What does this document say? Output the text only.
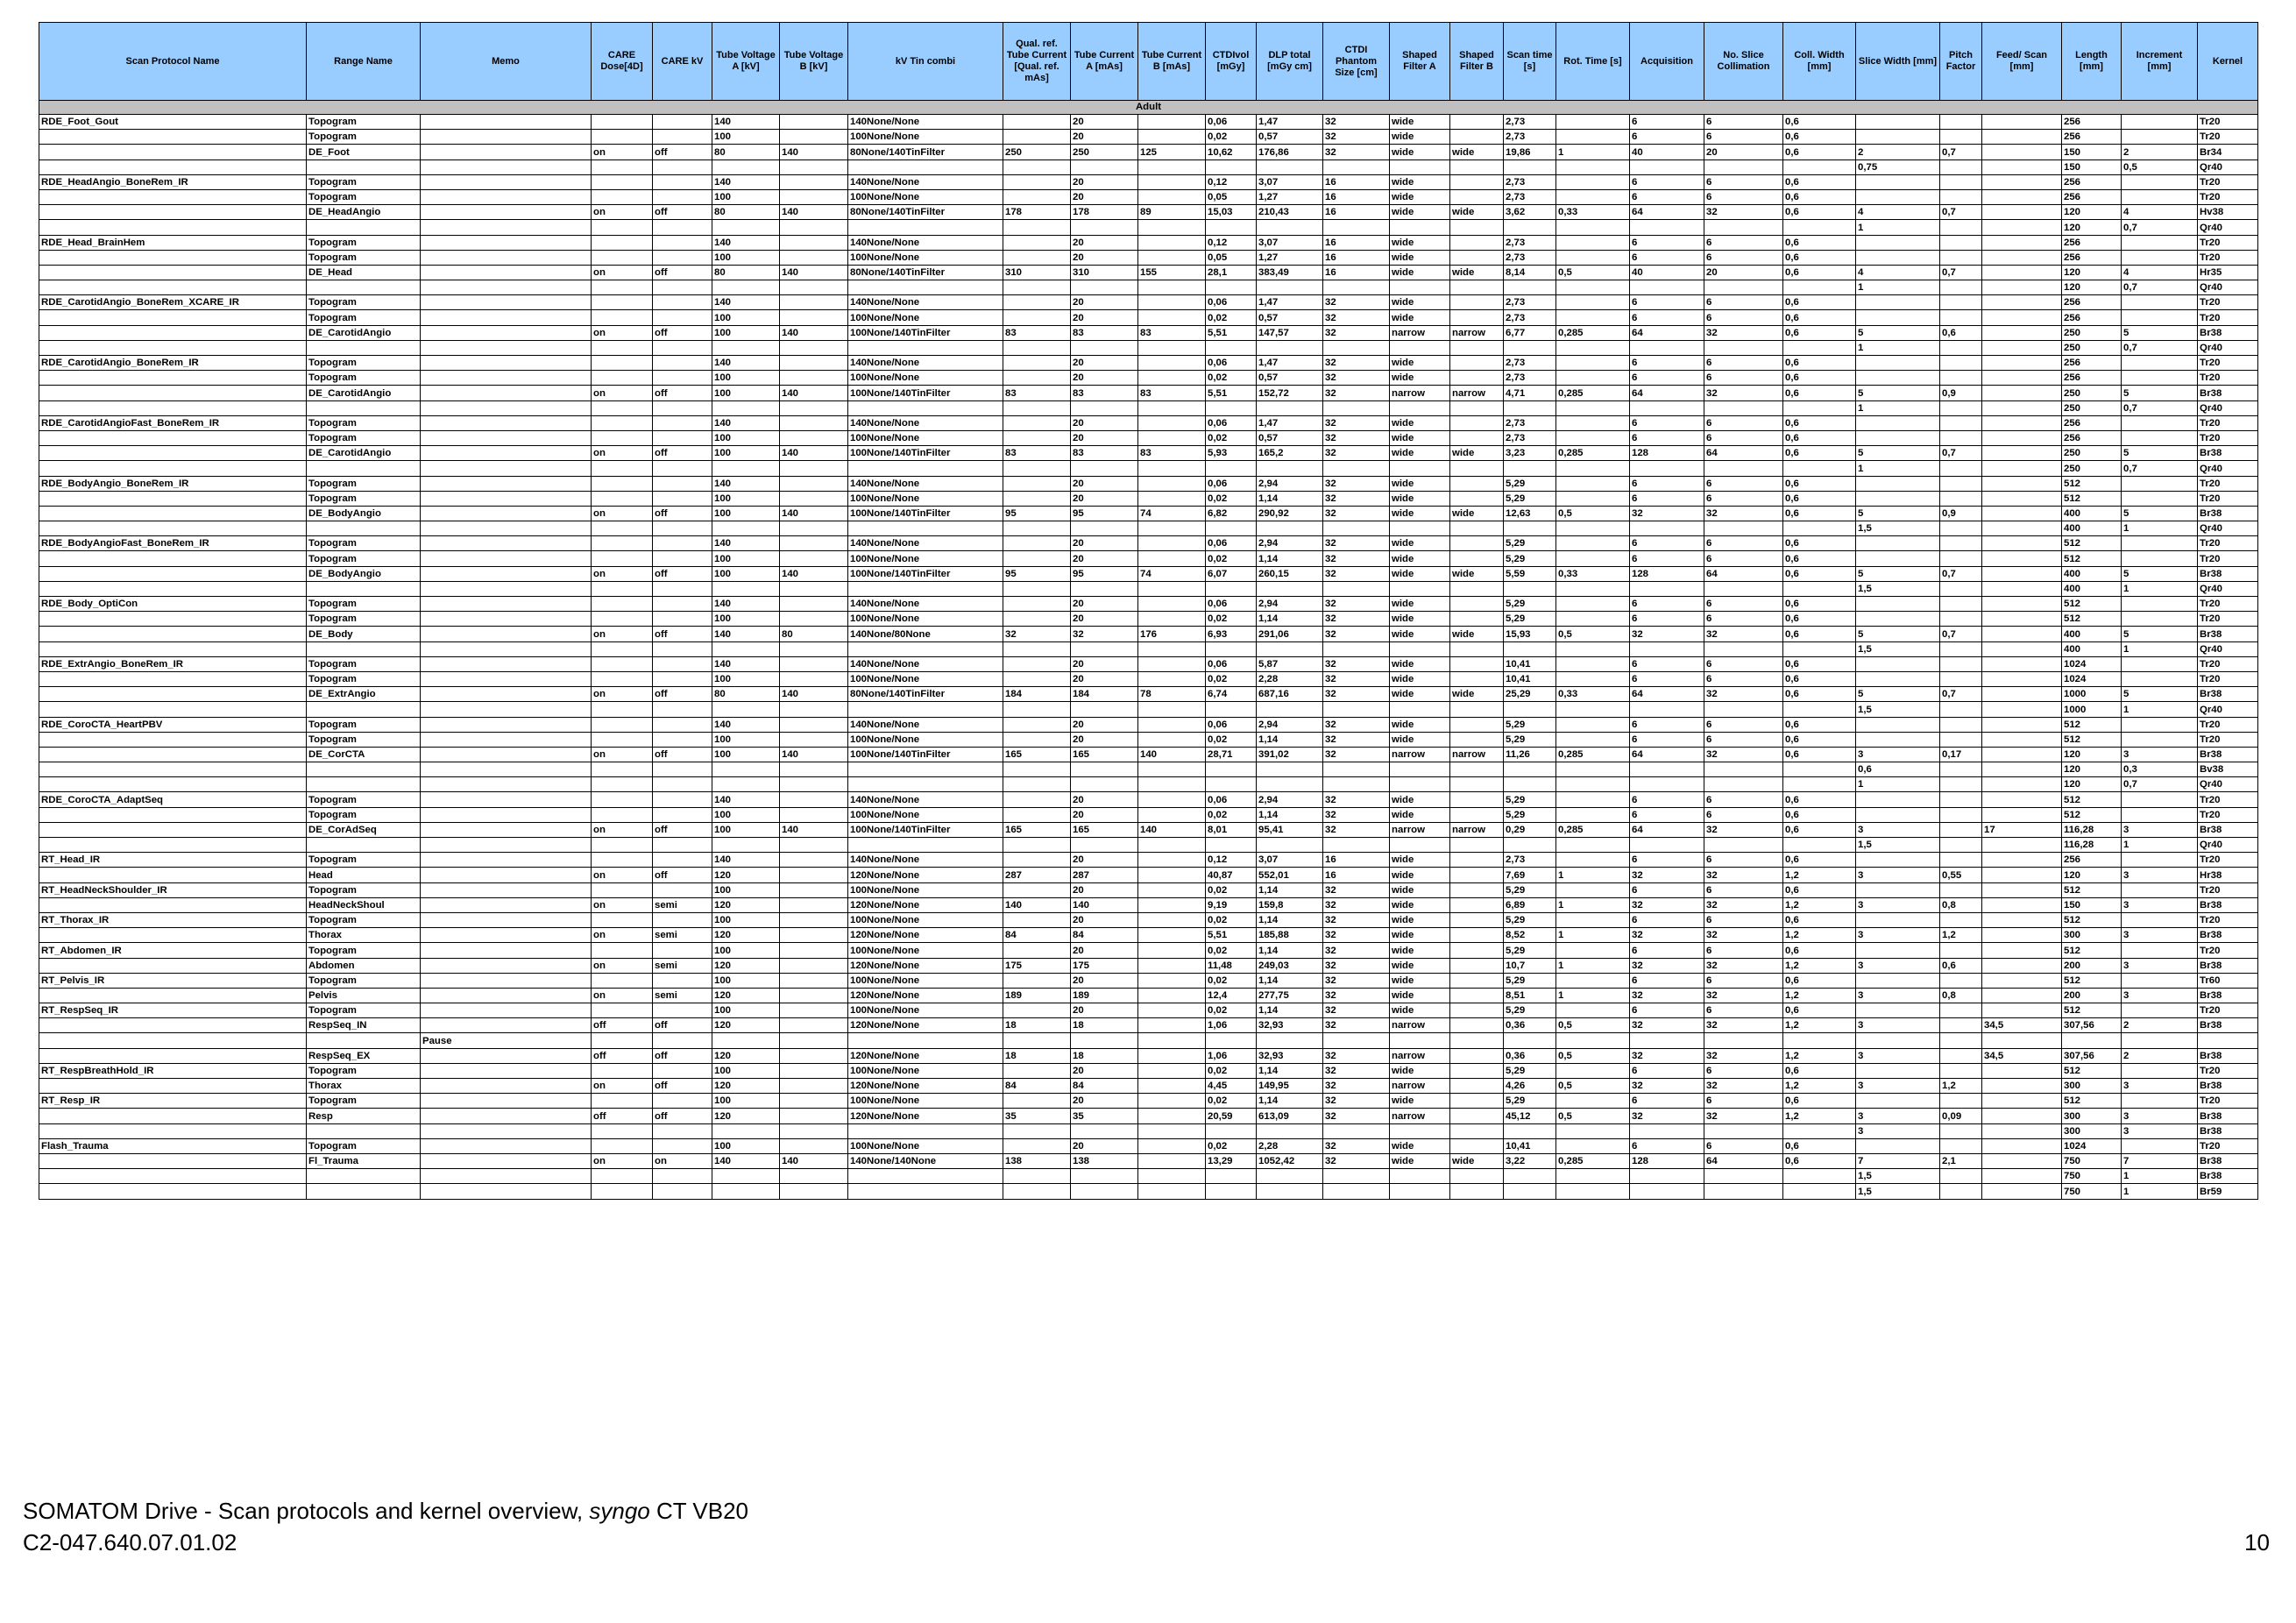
Scan Protocol Name	Range Name	Memo	CARE Dose[4D]	CARE kV	Tube Voltage A [kV]	Tube Voltage B [kV]	kV Tin combi	Qual. ref. Tube Current [Qual. ref. mAs]	Tube Current A [mAs]	Tube Current B [mAs]	CTDIvol [mGy]	DLP total [mGy cm]	CTDI Phantom Size [cm]	Shaped Filter A	Shaped Filter B	Scan time [s]	Rot. Time [s]	Acquisition	No. Slice Collimation	Coll. Width [mm]	Slice Width [mm]	Pitch Factor	Feed/ Scan [mm]	Length [mm]	Increment [mm]	Kernel
Adult																										
RDE_Foot_Gout	Topogram				140		140None/None		20		0,06	1,47	32	wide		2,73		6	6	0,6				256		Tr20
	Topogram				100		100None/None		20		0,02	0,57	32	wide		2,73		6	6	0,6				256		Tr20
	DE_Foot		on	off	80	140	80None/140TinFilter	250	250	125	10,62	176,86	32	wide	wide	19,86	1	40	20	0,6	2	0,7		150	2	Br34
																					0,75			150	0,5	Qr40
RDE_HeadAngio_BoneRem_IR	Topogram				140		140None/None		20		0,12	3,07	16	wide		2,73		6	6	0,6				256		Tr20
	Topogram				100		100None/None		20		0,05	1,27	16	wide		2,73		6	6	0,6				256		Tr20
	DE_HeadAngio		on	off	80	140	80None/140TinFilter	178	178	89	15,03	210,43	16	wide	wide	3,62	0,33	64	32	0,6	4	0,7		120	4	Hv38
																					1			120	0,7	Qr40
RDE_Head_BrainHem	Topogram				140		140None/None		20		0,12	3,07	16	wide		2,73		6	6	0,6				256		Tr20
	Topogram				100		100None/None		20		0,05	1,27	16	wide		2,73		6	6	0,6				256		Tr20
	DE_Head		on	off	80	140	80None/140TinFilter	310	310	155	28,1	383,49	16	wide	wide	8,14	0,5	40	20	0,6	4	0,7		120	4	Hr35
																					1			120	0,7	Qr40
RDE_CarotidAngio_BoneRem_XCARE_IR	Topogram				140		140None/None		20		0,06	1,47	32	wide		2,73		6	6	0,6				256		Tr20
	Topogram				100		100None/None		20		0,02	0,57	32	wide		2,73		6	6	0,6				256		Tr20
	DE_CarotidAngio		on	off	100	140	100None/140TinFilter	83	83	83	5,51	147,57	32	narrow	narrow	6,77	0,285	64	32	0,6	5	0,6		250	5	Br38
																					1			250	0,7	Qr40
RDE_CarotidAngio_BoneRem_IR	Topogram				140		140None/None		20		0,06	1,47	32	wide		2,73		6	6	0,6				256		Tr20
	Topogram				100		100None/None		20		0,02	0,57	32	wide		2,73		6	6	0,6				256		Tr20
	DE_CarotidAngio		on	off	100	140	100None/140TinFilter	83	83	83	5,51	152,72	32	narrow	narrow	4,71	0,285	64	32	0,6	5	0,9		250	5	Br38
																					1			250	0,7	Qr40
RDE_CarotidAngioFast_BoneRem_IR	Topogram				140		140None/None		20		0,06	1,47	32	wide		2,73		6	6	0,6				256		Tr20
	Topogram				100		100None/None		20		0,02	0,57	32	wide		2,73		6	6	0,6				256		Tr20
	DE_CarotidAngio		on	off	100	140	100None/140TinFilter	83	83	83	5,93	165,2	32	wide	wide	3,23	0,285	128	64	0,6	5	0,7		250	5	Br38
																					1			250	0,7	Qr40
RDE_BodyAngio_BoneRem_IR	Topogram				140		140None/None		20		0,06	2,94	32	wide		5,29		6	6	0,6				512		Tr20
	Topogram				100		100None/None		20		0,02	1,14	32	wide		5,29		6	6	0,6				512		Tr20
	DE_BodyAngio		on	off	100	140	100None/140TinFilter	95	95	74	6,82	290,92	32	wide	wide	12,63	0,5	32	32	0,6	5	0,9		400	5	Br38
																					1,5			400	1	Qr40
RDE_BodyAngioFast_BoneRem_IR	Topogram				140		140None/None		20		0,06	2,94	32	wide		5,29		6	6	0,6				512		Tr20
	Topogram				100		100None/None		20		0,02	1,14	32	wide		5,29		6	6	0,6				512		Tr20
	DE_BodyAngio		on	off	100	140	100None/140TinFilter	95	95	74	6,07	260,15	32	wide	wide	5,59	0,33	128	64	0,6	5	0,7		400	5	Br38
																					1,5			400	1	Qr40
RDE_Body_OptiCon	Topogram				140		140None/None		20		0,06	2,94	32	wide		5,29		6	6	0,6				512		Tr20
	Topogram				100		100None/None		20		0,02	1,14	32	wide		5,29		6	6	0,6				512		Tr20
	DE_Body		on	off	140	80	140None/80None	32	32	176	6,93	291,06	32	wide	wide	15,93	0,5	32	32	0,6	5	0,7		400	5	Br38
																					1,5			400	1	Qr40
RDE_ExtrAngio_BoneRem_IR	Topogram				140		140None/None		20		0,06	5,87	32	wide		10,41		6	6	0,6				1024		Tr20
	Topogram				100		100None/None		20		0,02	2,28	32	wide		10,41		6	6	0,6				1024		Tr20
	DE_ExtrAngio		on	off	80	140	80None/140TinFilter	184	184	78	6,74	687,16	32	wide	wide	25,29	0,33	64	32	0,6	5	0,7		1000	5	Br38
																					1,5			1000	1	Qr40
RDE_CoroCTA_HeartPBV	Topogram				140		140None/None		20		0,06	2,94	32	wide		5,29		6	6	0,6				512		Tr20
	Topogram				100		100None/None		20		0,02	1,14	32	wide		5,29		6	6	0,6				512		Tr20
	DE_CorCTA		on	off	100	140	100None/140TinFilter	165	165	140	28,71	391,02	32	narrow	narrow	11,26	0,285	64	32	0,6	3	0,17		120	3	Br38
																					0,6			120	0,3	Bv38
																					1			120	0,7	Qr40
RDE_CoroCTA_AdaptSeq	Topogram				140		140None/None		20		0,06	2,94	32	wide		5,29		6	6	0,6				512		Tr20
	Topogram				100		100None/None		20		0,02	1,14	32	wide		5,29		6	6	0,6				512		Tr20
	DE_CorAdSeq		on	off	100	140	100None/140TinFilter	165	165	140	8,01	95,41	32	narrow	narrow	0,29	0,285	64	32	0,6	3		17	116,28	3	Br38
																					1,5			116,28	1	Qr40
RT_Head_IR	Topogram				140		140None/None		20		0,12	3,07	16	wide		2,73		6	6	0,6				256		Tr20
	Head		on	off	120		120None/None	287	287		40,87	552,01	16	wide		7,69	1	32	32	1,2	3	0,55		120	3	Hr38
RT_HeadNeckShoulder_IR	Topogram				100		100None/None		20		0,02	1,14	32	wide		5,29		6	6	0,6				512		Tr20
	HeadNeckShoul		on	semi	120		120None/None	140	140		9,19	159,8	32	wide		6,89	1	32	32	1,2	3	0,8		150	3	Br38
RT_Thorax_IR	Topogram				100		100None/None		20		0,02	1,14	32	wide		5,29		6	6	0,6				512		Tr20
	Thorax		on	semi	120		120None/None	84	84		5,51	185,88	32	wide		8,52	1	32	32	1,2	3	1,2		300	3	Br38
RT_Abdomen_IR	Topogram				100		100None/None		20		0,02	1,14	32	wide		5,29		6	6	0,6				512		Tr20
	Abdomen		on	semi	120		120None/None	175	175		11,48	249,03	32	wide		10,7	1	32	32	1,2	3	0,6		200	3	Br38
RT_Pelvis_IR	Topogram				100		100None/None		20		0,02	1,14	32	wide		5,29		6	6	0,6				512		Tr60
	Pelvis		on	semi	120		120None/None	189	189		12,4	277,75	32	wide		8,51	1	32	32	1,2	3	0,8		200	3	Br38
RT_RespSeq_IR	Topogram				100		100None/None		20		0,02	1,14	32	wide		5,29		6	6	0,6				512		Tr20
	RespSeq_IN		off	off	120		120None/None	18	18		1,06	32,93	32	narrow		0,36	0,5	32	32	1,2	3		34,5	307,56	2	Br38
		Pause																								
	RespSeq_EX		off	off	120		120None/None	18	18		1,06	32,93	32	narrow		0,36	0,5	32	32	1,2	3		34,5	307,56	2	Br38
RT_RespBreathHold_IR	Topogram				100		100None/None		20		0,02	1,14	32	wide		5,29		6	6	0,6				512		Tr20
	Thorax		on	off	120		120None/None	84	84		4,45	149,95	32	narrow		4,26	0,5	32	32	1,2	3	1,2		300	3	Br38
RT_Resp_IR	Topogram				100		100None/None		20		0,02	1,14	32	wide		5,29		6	6	0,6				512		Tr20
	Resp		off	off	120		120None/None	35	35		20,59	613,09	32	narrow		45,12	0,5	32	32	1,2	3	0,09		300	3	Br38
																					3			300	3	Br38
Flash_Trauma	Topogram				100		100None/None		20		0,02	2,28	32	wide		10,41		6	6	0,6				1024		Tr20
	Fl_Trauma		on	on	140	140	140None/140None	138	138		13,29	1052,42	32	wide	wide	3,22	0,285	128	64	0,6	7	2,1		750	7	Br38
																					1,5			750	1	Br38
																					1,5			750	1	Br59
SOMATOM Drive - Scan protocols and kernel overview, syngo CT VB20
C2-047.640.07.01.02	10
